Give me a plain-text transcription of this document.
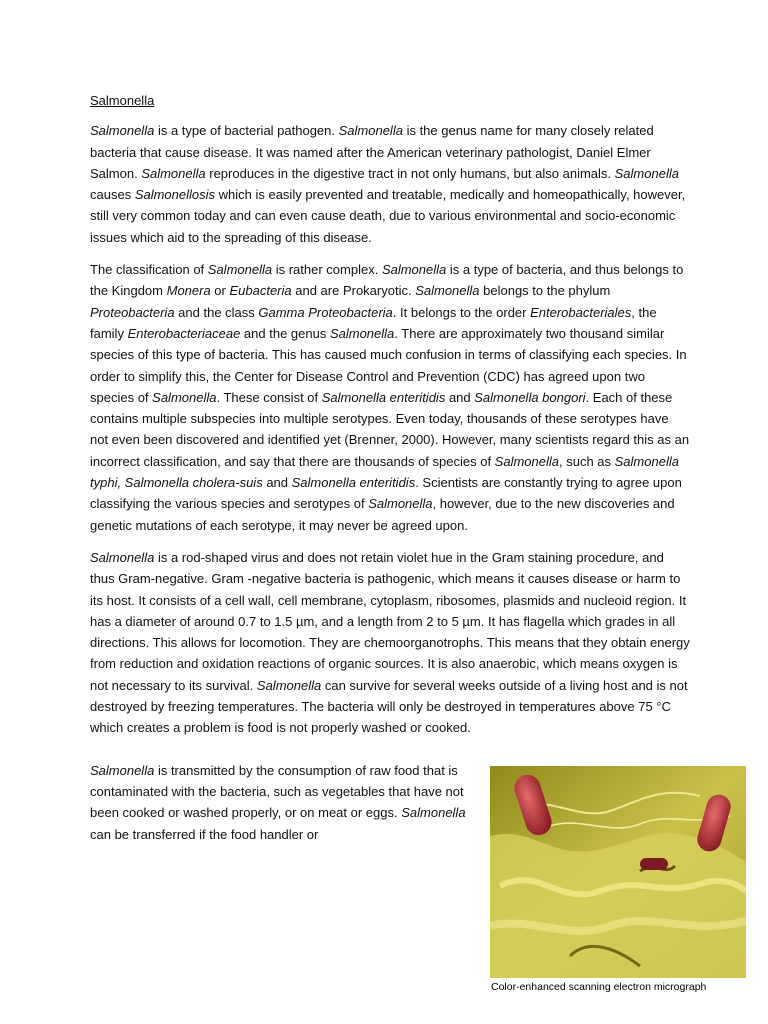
Salmonella

Salmonella is a type of bacterial pathogen. Salmonella is the genus name for many closely related bacteria that cause disease. It was named after the American veterinary pathologist, Daniel Elmer Salmon. Salmonella reproduces in the digestive tract in not only humans, but also animals. Salmonella causes Salmonellosis which is easily prevented and treatable, medically and homeopathically, however, still very common today and can even cause death, due to various environmental and socio-economic issues which aid to the spreading of this disease.

The classification of Salmonella is rather complex. Salmonella is a type of bacteria, and thus belongs to the Kingdom Monera or Eubacteria and are Prokaryotic. Salmonella belongs to the phylum Proteobacteria and the class Gamma Proteobacteria. It belongs to the order Enterobacteriales, the family Enterobacteriaceae and the genus Salmonella. There are approximately two thousand similar species of this type of bacteria. This has caused much confusion in terms of classifying each species. In order to simplify this, the Center for Disease Control and Prevention (CDC) has agreed upon two species of Salmonella. These consist of Salmonella enteritidis and Salmonella bongori. Each of these contains multiple subspecies into multiple serotypes. Even today, thousands of these serotypes have not even been discovered and identified yet (Brenner, 2000). However, many scientists regard this as an incorrect classification, and say that there are thousands of species of Salmonella, such as Salmonella typhi, Salmonella cholera-suis and Salmonella enteritidis. Scientists are constantly trying to agree upon classifying the various species and serotypes of Salmonella, however, due to the new discoveries and genetic mutations of each serotype, it may never be agreed upon.

Salmonella is a rod-shaped virus and does not retain violet hue in the Gram staining procedure, and thus Gram-negative. Gram -negative bacteria is pathogenic, which means it causes disease or harm to its host. It consists of a cell wall, cell membrane, cytoplasm, ribosomes, plasmids and nucleoid region. It has a diameter of around 0.7 to 1.5 µm, and a length from 2 to 5 µm. It has flagella which grades in all directions. This allows for locomotion. They are chemoorganotrophs. This means that they obtain energy from reduction and oxidation reactions of organic sources. It is also anaerobic, which means oxygen is not necessary to its survival. Salmonella can survive for several weeks outside of a living host and is not destroyed by freezing temperatures. The bacteria will only be destroyed in temperatures above 75 °C which creates a problem is food is not properly washed or cooked.

Salmonella is transmitted by the consumption of raw food that is contaminated with the bacteria, such as vegetables that have not been cooked or washed properly, or on meat or eggs. Salmonella can be transferred if the food handler or

Color-enhanced scanning electron micrograph
